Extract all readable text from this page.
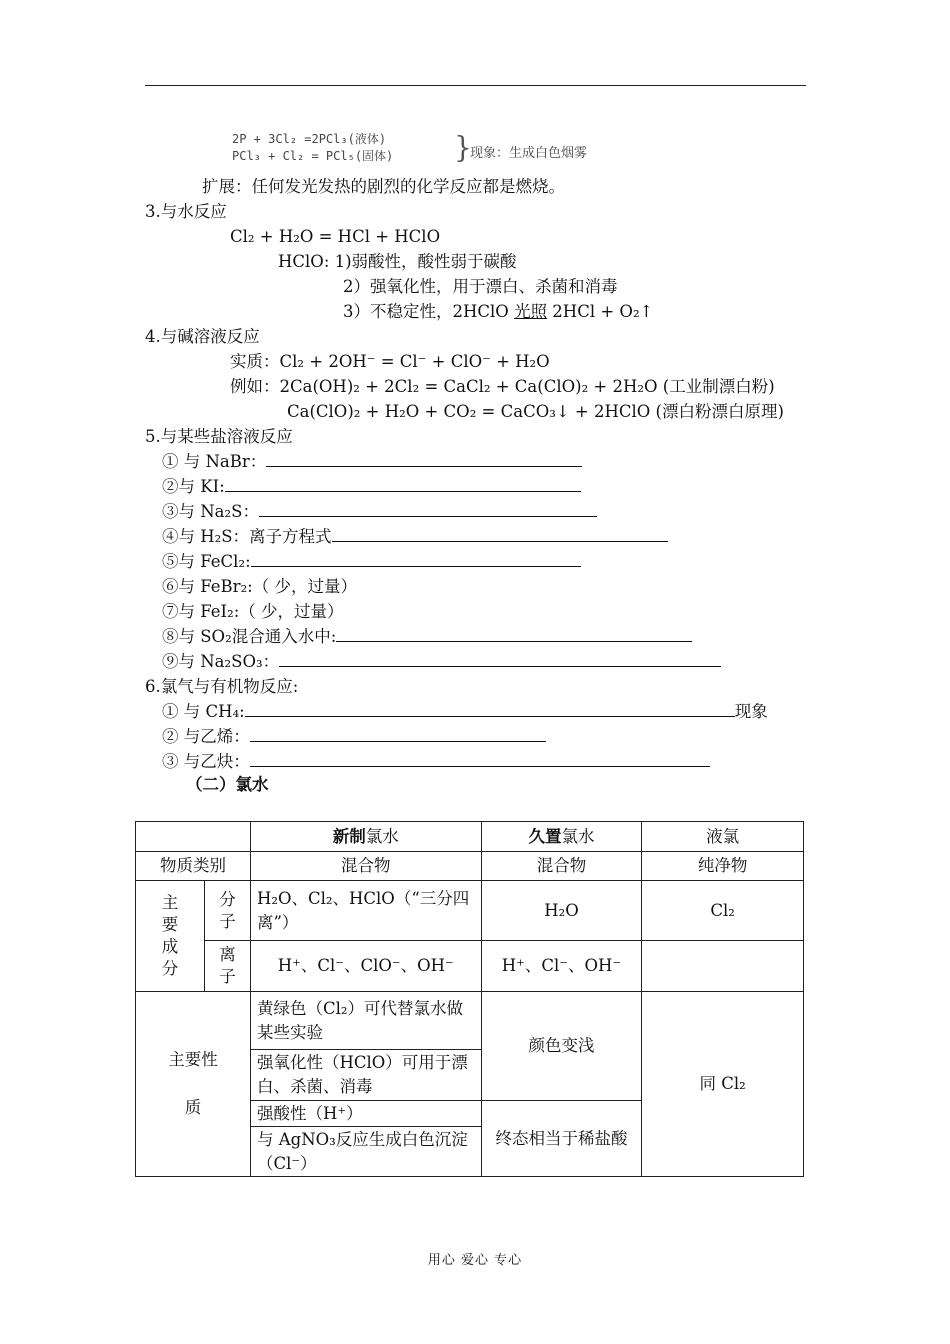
2P + 3Cl₂ =2PCl₃(液体)
PCl₃ + Cl₂ = PCl₅(固体) }
现象：生成白色烟雾
扩展：任何发光发热的剧烈的化学反应都是燃烧。
3.与水反应
Cl₂ + H₂O = HCl + HClO
HClO: 1)弱酸性，酸性弱于碳酸
2）强氧化性，用于漂白、杀菌和消毒
3）不稳定性，2HClO 光照 2HCl + O₂↑
4.与碱溶液反应
实质：Cl₂ + 2OH⁻ = Cl⁻ + ClO⁻ + H₂O
例如：2Ca(OH)₂ + 2Cl₂ = CaCl₂ + Ca(ClO)₂ + 2H₂O (工业制漂白粉)
Ca(ClO)₂ + H₂O + CO₂ = CaCO₃↓ + 2HClO (漂白粉漂白原理)
5.与某些盐溶液反应
① 与 NaBr：
②与 KI:
③与 Na₂S：
④与 H₂S：离子方程式
⑤与 FeCl₂:
⑥与 FeBr₂:（ 少，过量）
⑦与 FeI₂:（ 少，过量）
⑧与 SO₂混合通入水中:
⑨与 Na₂SO₃：
6.氯气与有机物反应:
① 与 CH₄:	现象
② 与乙烯：
③ 与乙炔：
（二）氯水
		新制氯水	久置氯水	液氯
物质类别		混合物	混合物	纯净物
主要成分	分子	H₂O、Cl₂、HClO（“三分四离”）	H₂O	Cl₂
	离子	H⁺、Cl⁻、ClO⁻、OH⁻	H⁺、Cl⁻、OH⁻	
主要性质		黄绿色（Cl₂）可代替氯水做某些实验	颜色变浅	同 Cl₂
		强氧化性（HClO）可用于漂白、杀菌、消毒		
		强酸性（H⁺）	终态相当于稀盐酸	
		与 AgNO₃反应生成白色沉淀（Cl⁻）		
用心 爱心 专心
